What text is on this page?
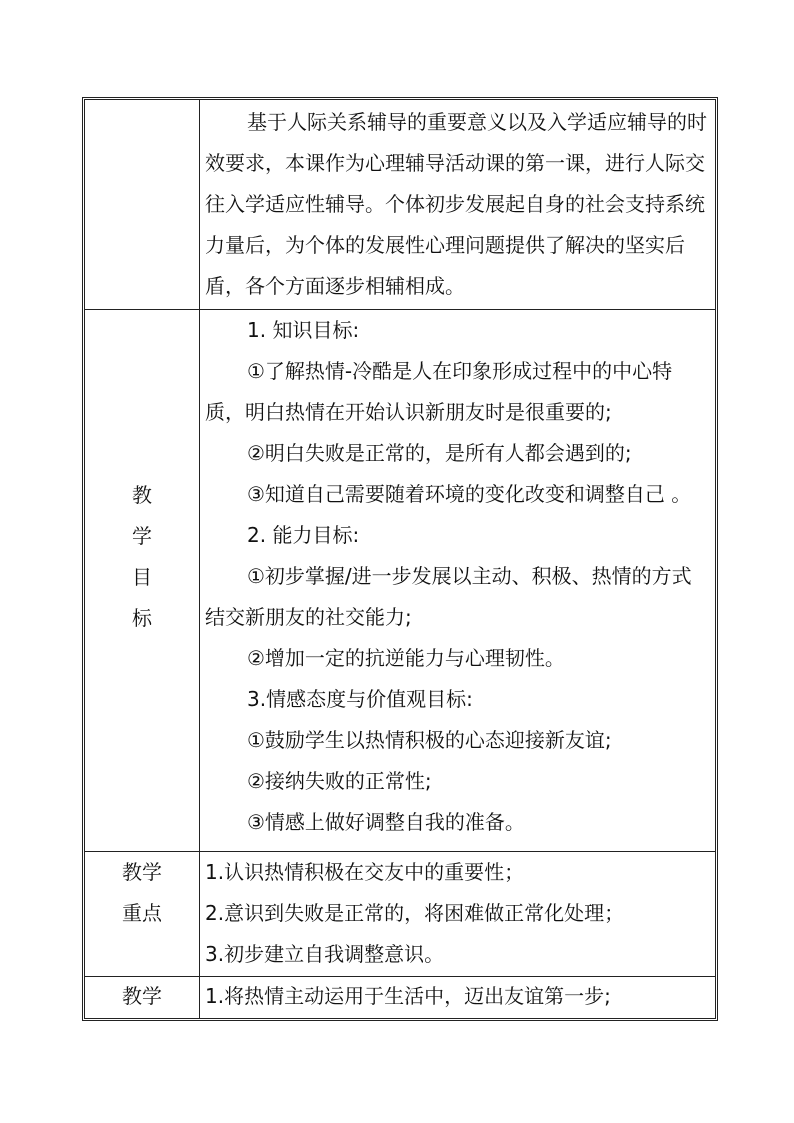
基于人际关系辅导的重要意义以及入学适应辅导的时效要求，本课作为心理辅导活动课的第一课，进行人际交往入学适应性辅导。个体初步发展起自身的社会支持系统力量后，为个体的发展性心理问题提供了解决的坚实后盾，各个方面逐步相辅相成。

教
学
目
标

1. 知识目标:

①了解热情-冷酷是人在印象形成过程中的中心特质，明白热情在开始认识新朋友时是很重要的;

②明白失败是正常的，是所有人都会遇到的;

③知道自己需要随着环境的变化改变和调整自己 。

2. 能力目标:

①初步掌握/进一步发展以主动、积极、热情的方式结交新朋友的社交能力;

②增加一定的抗逆能力与心理韧性。

3.情感态度与价值观目标:

①鼓励学生以热情积极的心态迎接新友谊;

②接纳失败的正常性;

③情感上做好调整自我的准备。

教学
重点

1.认识热情积极在交友中的重要性；

2.意识到失败是正常的，将困难做正常化处理；

3.初步建立自我调整意识。

教学	1.将热情主动运用于生活中，迈出友谊第一步;
